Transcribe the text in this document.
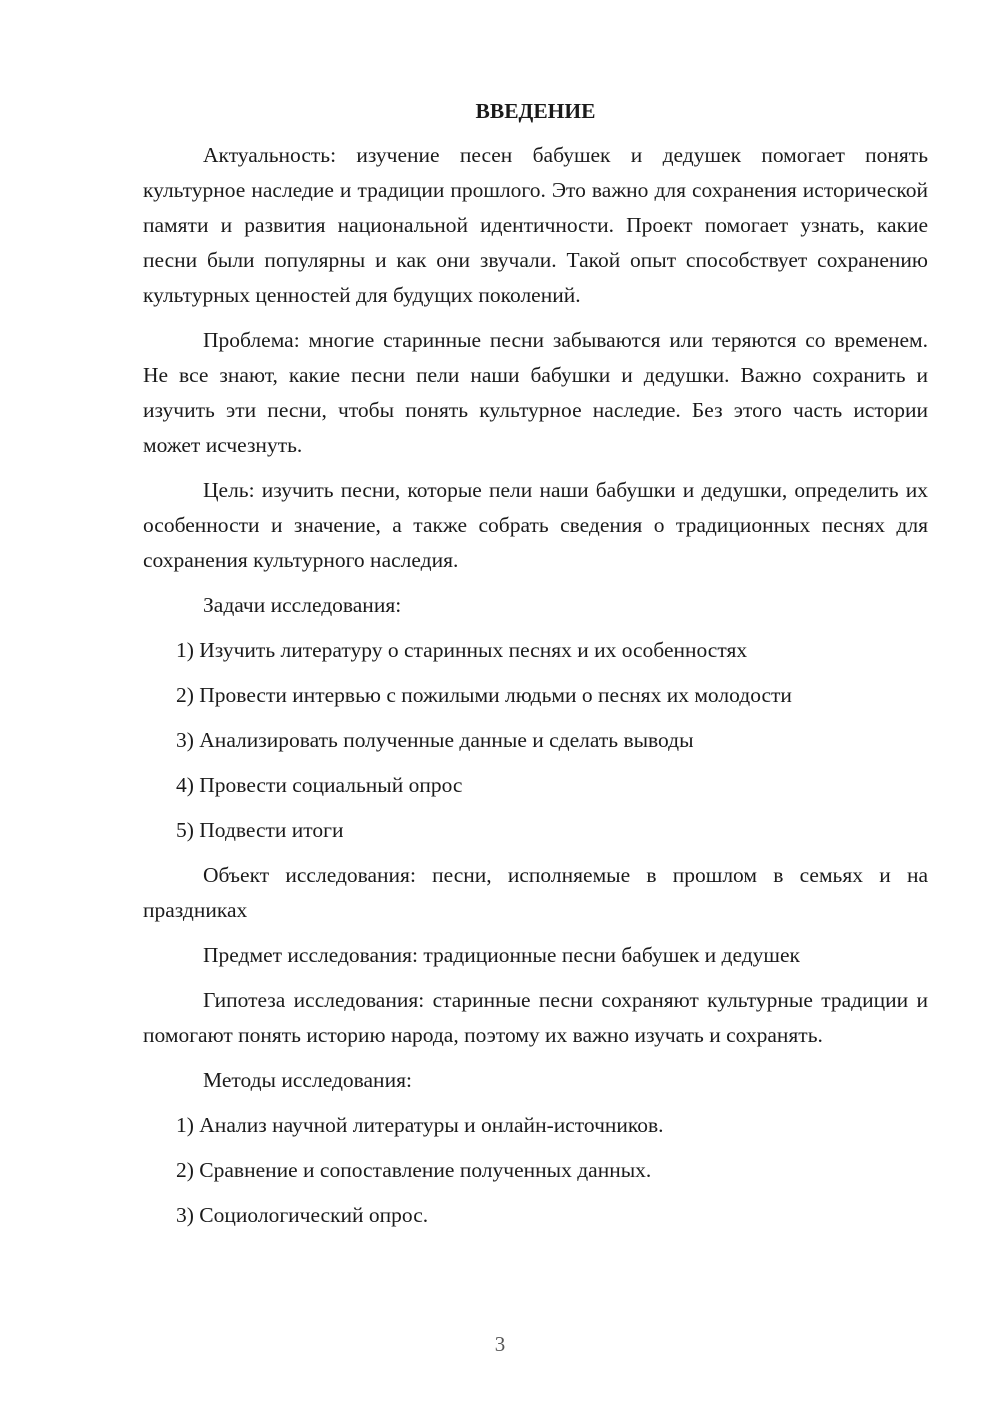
ВВЕДЕНИЕ

Актуальность: изучение песен бабушек и дедушек помогает понять культурное наследие и традиции прошлого. Это важно для сохранения исторической памяти и развития национальной идентичности. Проект помогает узнать, какие песни были популярны и как они звучали. Такой опыт способствует сохранению культурных ценностей для будущих поколений.

Проблема: многие старинные песни забываются или теряются со временем. Не все знают, какие песни пели наши бабушки и дедушки. Важно сохранить и изучить эти песни, чтобы понять культурное наследие. Без этого часть истории может исчезнуть.

Цель: изучить песни, которые пели наши бабушки и дедушки, определить их особенности и значение, а также собрать сведения о традиционных песнях для сохранения культурного наследия.

Задачи исследования:

1) Изучить литературу о старинных песнях и их особенностях
2) Провести интервью с пожилыми людьми о песнях их молодости
3) Анализировать полученные данные и сделать выводы
4) Провести социальный опрос
5) Подвести итоги

Объект исследования: песни, исполняемые в прошлом в семьях и на праздниках

Предмет исследования: традиционные песни бабушек и дедушек

Гипотеза исследования: старинные песни сохраняют культурные традиции и помогают понять историю народа, поэтому их важно изучать и сохранять.

Методы исследования:

1) Анализ научной литературы и онлайн-источников.
2) Сравнение и сопоставление полученных данных.
3) Социологический опрос.
3
